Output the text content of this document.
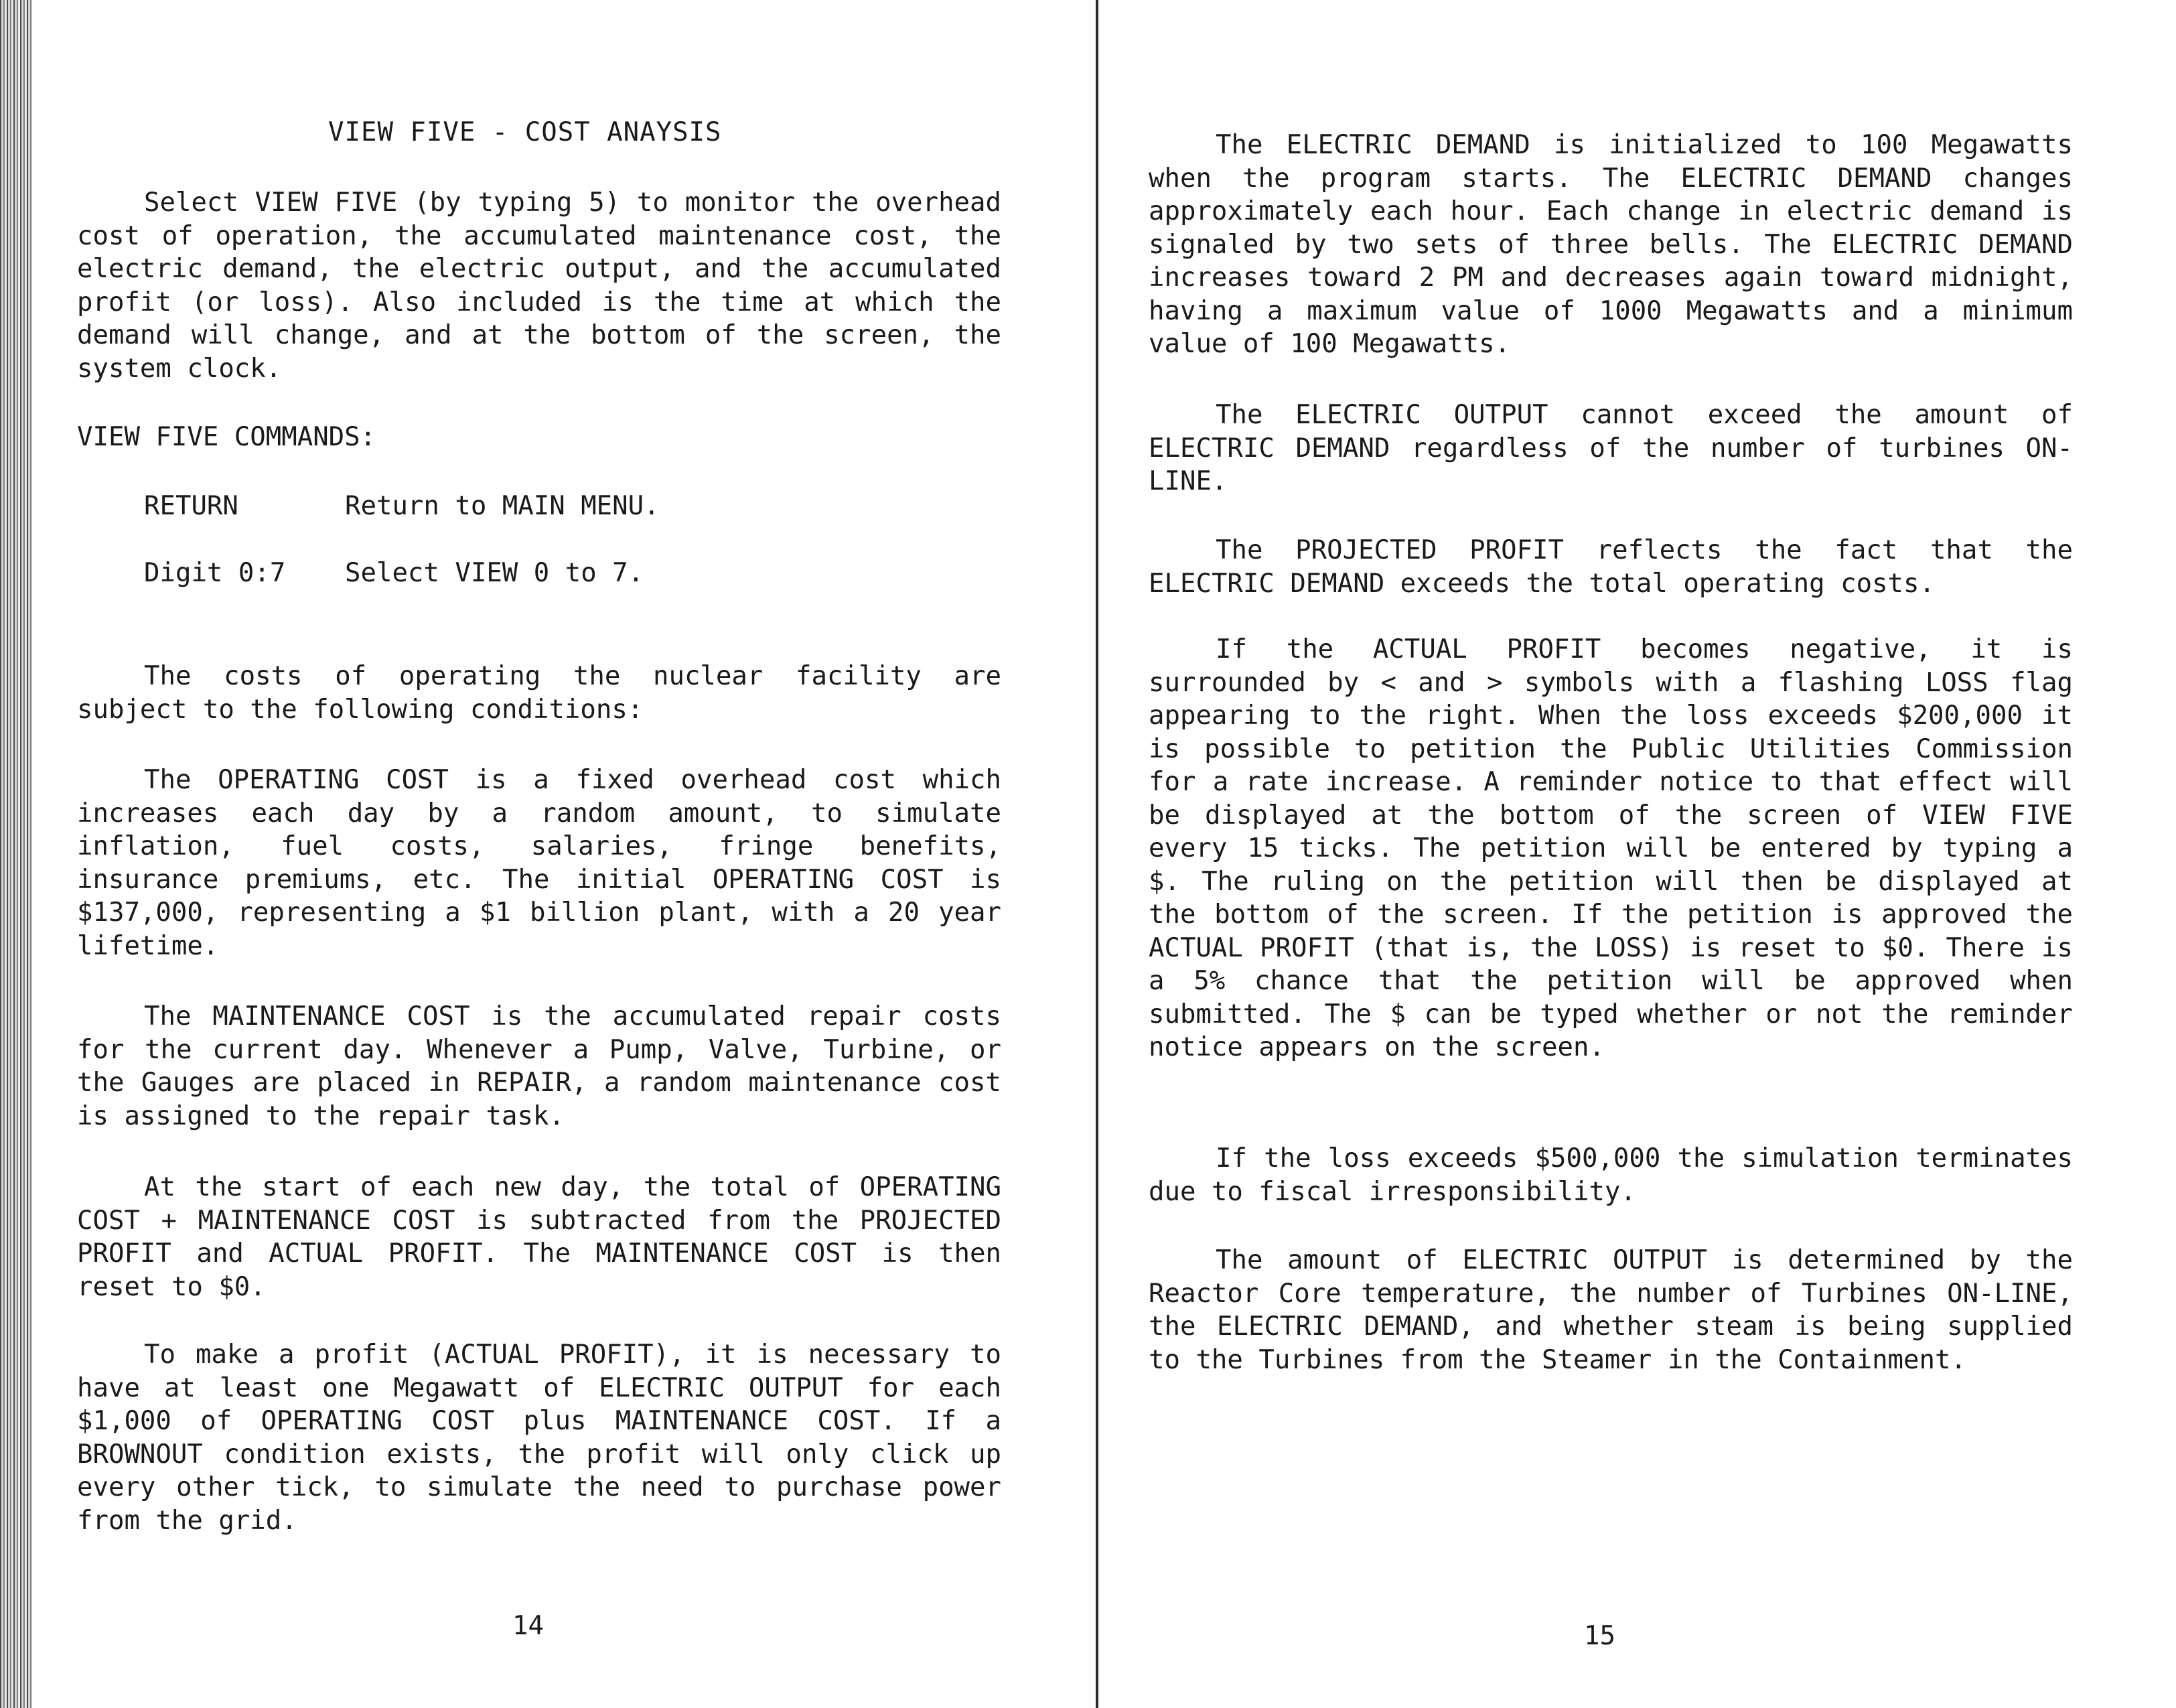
VIEW FIVE - COST ANAYSIS
Select VIEW FIVE (by typing 5) to monitor the overhead cost of operation, the accumulated maintenance cost, the electric demand, the electric output, and the accumulated profit (or loss). Also included is the time at which the demand will change, and at the bottom of the screen, the system clock.
VIEW FIVE COMMANDS:

RETURN

	Return to MAIN MENU.

Digit 0:7

Select VIEW 0 to 7.

The costs of operating the nuclear facility are subject to the following conditions:
The OPERATING COST is a fixed overhead cost which increases each day by a random amount, to simulate inflation, fuel costs, salaries, fringe benefits, insurance premiums, etc. The initial OPERATING COST is $137,000, representing a $1 billion plant, with a 20 year lifetime.
The MAINTENANCE COST is the accumulated repair costs for the current day. Whenever a Pump, Valve, Turbine, or the Gauges are placed in REPAIR, a random maintenance cost is assigned to the repair task.
At the start of each new day, the total of OPERATING COST + MAINTENANCE COST is subtracted from the PROJECTED PROFIT and ACTUAL PROFIT. The MAINTENANCE COST is then reset to $0.
To make a profit (ACTUAL PROFIT), it is necessary to have at least one Megawatt of ELECTRIC OUTPUT for each $1,000 of OPERATING COST plus MAINTENANCE COST. If a BROWNOUT condition exists, the profit will only click up every other tick, to simulate the need to purchase power from the grid.
14
The ELECTRIC DEMAND is initialized to 100 Megawatts when the program starts. The ELECTRIC DEMAND changes approximately each hour. Each change in electric demand is signaled by two sets of three bells. The ELECTRIC DEMAND increases toward 2 PM and decreases again toward midnight, having a maximum value of 1000 Megawatts and a minimum value of 100 Megawatts.
The ELECTRIC OUTPUT cannot exceed the amount of ELECTRIC DEMAND regardless of the number of turbines ON-LINE.
The PROJECTED PROFIT reflects the fact that the ELECTRIC DEMAND exceeds the total operating costs.
If the ACTUAL PROFIT becomes negative, it is surrounded by < and > symbols with a flashing LOSS flag appearing to the right. When the loss exceeds $200,000 it is possible to petition the Public Utilities Commission for a rate increase. A reminder notice to that effect will be displayed at the bottom of the screen of VIEW FIVE every 15 ticks. The petition will be entered by typing a $. The ruling on the petition will then be displayed at the bottom of the screen. If the petition is approved the ACTUAL PROFIT (that is, the LOSS) is reset to $0. There is a 5% chance that the petition will be approved when submitted. The $ can be typed whether or not the reminder notice appears on the screen.
If the loss exceeds $500,000 the simulation terminates due to fiscal irresponsibility.
The amount of ELECTRIC OUTPUT is determined by the Reactor Core temperature, the number of Turbines ON-LINE, the ELECTRIC DEMAND, and whether steam is being supplied to the Turbines from the Steamer in the Containment.
15
